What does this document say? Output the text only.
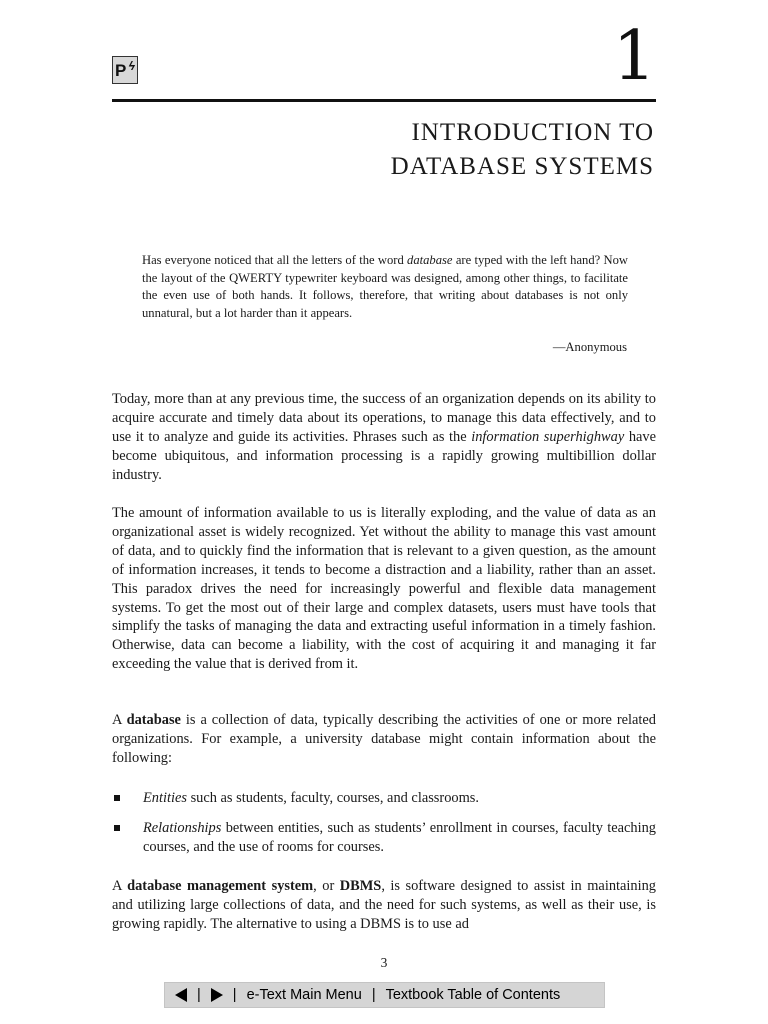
P ϟ	1
INTRODUCTION TO
DATABASE SYSTEMS
Has everyone noticed that all the letters of the word database are typed with the left hand? Now the layout of the QWERTY typewriter keyboard was designed, among other things, to facilitate the even use of both hands. It follows, therefore, that writing about databases is not only unnatural, but a lot harder than it appears.
—Anonymous

Today, more than at any previous time, the success of an organization depends on its ability to acquire accurate and timely data about its operations, to manage this data effectively, and to use it to analyze and guide its activities. Phrases such as the information superhighway have become ubiquitous, and information processing is a rapidly growing multibillion dollar industry.

The amount of information available to us is literally exploding, and the value of data as an organizational asset is widely recognized. Yet without the ability to manage this vast amount of data, and to quickly find the information that is relevant to a given question, as the amount of information increases, it tends to become a distraction and a liability, rather than an asset. This paradox drives the need for increasingly powerful and flexible data management systems. To get the most out of their large and complex datasets, users must have tools that simplify the tasks of managing the data and extracting useful information in a timely fashion. Otherwise, data can become a liability, with the cost of acquiring it and managing it far exceeding the value that is derived from it.

A database is a collection of data, typically describing the activities of one or more related organizations. For example, a university database might contain information about the following:

Entities such as students, faculty, courses, and classrooms.
Relationships between entities, such as students’ enrollment in courses, faculty teaching courses, and the use of rooms for courses.

A database management system, or DBMS, is software designed to assist in maintaining and utilizing large collections of data, and the need for such systems, as well as their use, is growing rapidly. The alternative to using a DBMS is to use ad

3
| | e-Text Main Menu | Textbook Table of Contents
